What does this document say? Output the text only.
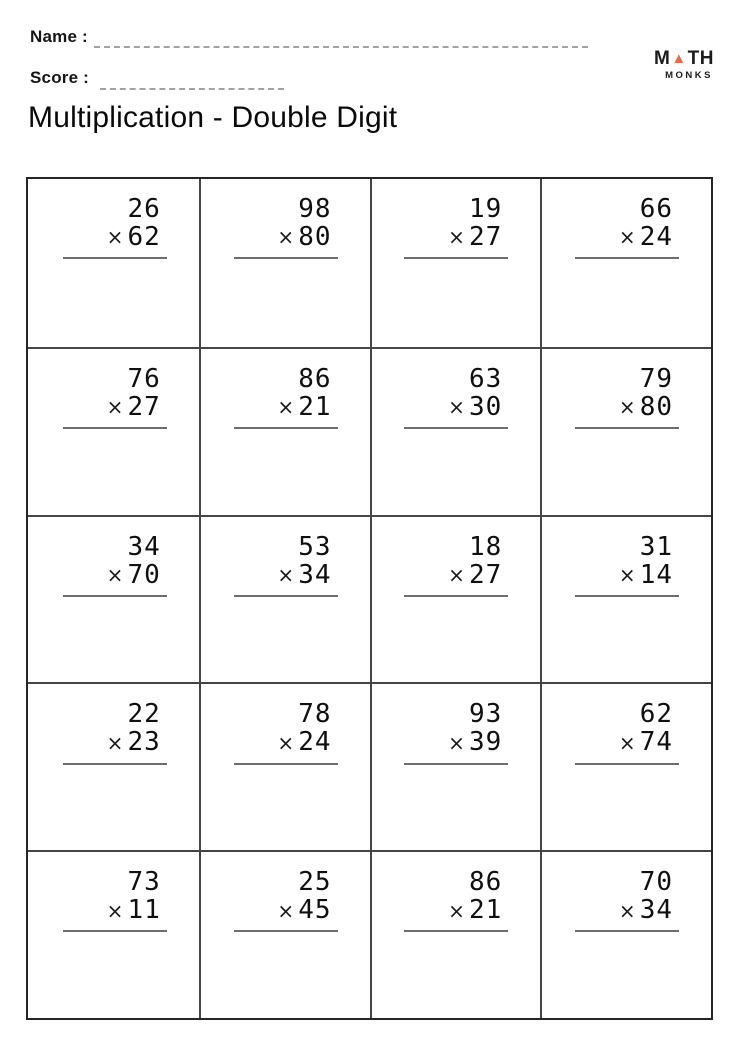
Name :
Score :
M ▲ TH
MONKS
Multiplication - Double Digit
26
× 62
98
× 80
19
× 27
66
× 24
76
× 27
86
× 21
63
× 30
79
× 80
34
× 70
53
× 34
18
× 27
31
× 14
22
× 23
78
× 24
93
× 39
62
× 74
73
× 11
25
× 45
86
× 21
70
× 34
